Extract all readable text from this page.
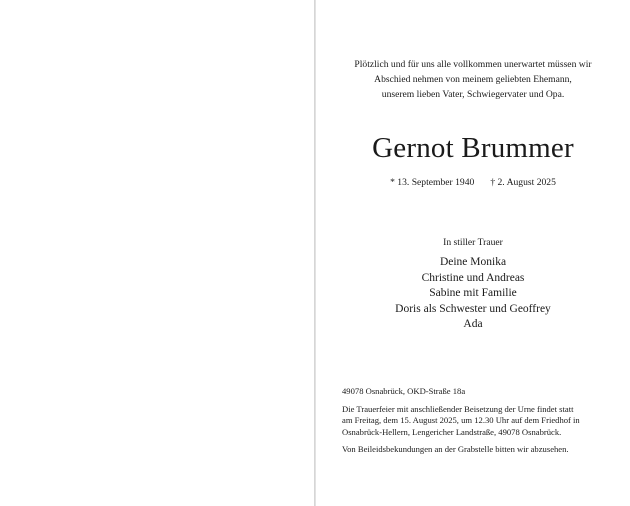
Plötzlich und für uns alle vollkommen unerwartet müssen wir
Abschied nehmen von meinem geliebten Ehemann,
unserem lieben Vater, Schwiegervater und Opa.
Gernot Brummer
* 13. September 1940 † 2. August 2025
In stiller Trauer
Deine Monika
Christine und Andreas
Sabine mit Familie
Doris als Schwester und Geoffrey
Ada
49078 Osnabrück, OKD-Straße 18a
Die Trauerfeier mit anschließender Beisetzung der Urne findet statt
am Freitag, dem 15. August 2025, um 12.30 Uhr auf dem Friedhof in
Osnabrück-Hellern, Lengericher Landstraße, 49078 Osnabrück.
Von Beileidsbekundungen an der Grabstelle bitten wir abzusehen.
